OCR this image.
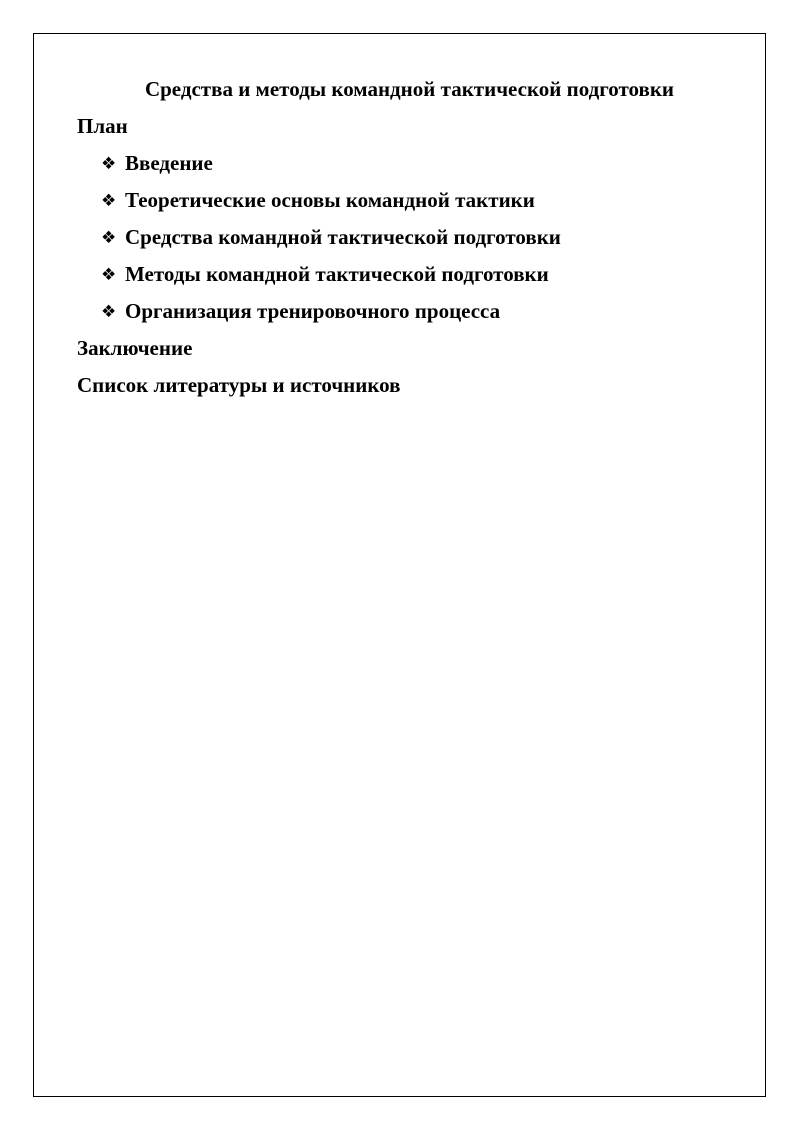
Средства и методы командной тактической подготовки
План
❖ Введение
❖ Теоретические основы командной тактики
❖ Средства командной тактической подготовки
❖ Методы командной тактической подготовки
❖ Организация тренировочного процесса
Заключение
Список литературы и источников
